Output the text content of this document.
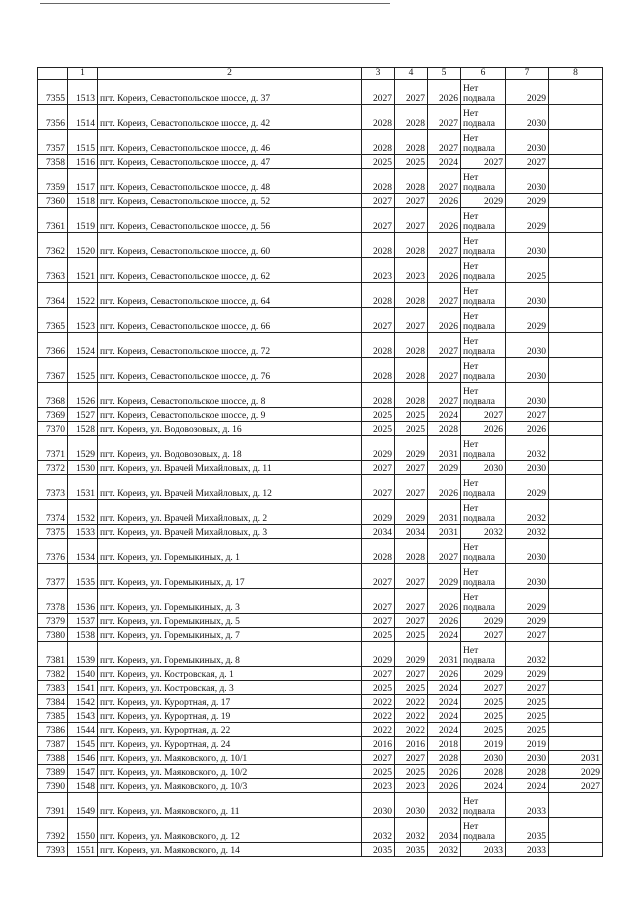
	1	2	3	4	5	6	7	8
7355	1513	пгт. Кореиз, Севастопольское шоссе, д. 37	2027	2027	2026	Нет подвала	2029	
7356	1514	пгт. Кореиз, Севастопольское шоссе, д. 42	2028	2028	2027	Нет подвала	2030	
7357	1515	пгт. Кореиз, Севастопольское шоссе, д. 46	2028	2028	2027	Нет подвала	2030	
7358	1516	пгт. Кореиз, Севастопольское шоссе, д. 47	2025	2025	2024	2027	2027	
7359	1517	пгт. Кореиз, Севастопольское шоссе, д. 48	2028	2028	2027	Нет подвала	2030	
7360	1518	пгт. Кореиз, Севастопольское шоссе, д. 52	2027	2027	2026	2029	2029	
7361	1519	пгт. Кореиз, Севастопольское шоссе, д. 56	2027	2027	2026	Нет подвала	2029	
7362	1520	пгт. Кореиз, Севастопольское шоссе, д. 60	2028	2028	2027	Нет подвала	2030	
7363	1521	пгт. Кореиз, Севастопольское шоссе, д. 62	2023	2023	2026	Нет подвала	2025	
7364	1522	пгт. Кореиз, Севастопольское шоссе, д. 64	2028	2028	2027	Нет подвала	2030	
7365	1523	пгт. Кореиз, Севастопольское шоссе, д. 66	2027	2027	2026	Нет подвала	2029	
7366	1524	пгт. Кореиз, Севастопольское шоссе, д. 72	2028	2028	2027	Нет подвала	2030	
7367	1525	пгт. Кореиз, Севастопольское шоссе, д. 76	2028	2028	2027	Нет подвала	2030	
7368	1526	пгт. Кореиз, Севастопольское шоссе, д. 8	2028	2028	2027	Нет подвала	2030	
7369	1527	пгт. Кореиз, Севастопольское шоссе, д. 9	2025	2025	2024	2027	2027	
7370	1528	пгт. Кореиз, ул. Водовозовых, д. 16	2025	2025	2028	2026	2026	
7371	1529	пгт. Кореиз, ул. Водовозовых, д. 18	2029	2029	2031	Нет подвала	2032	
7372	1530	пгт. Кореиз, ул. Врачей Михайловых, д. 11	2027	2027	2029	2030	2030	
7373	1531	пгт. Кореиз, ул. Врачей Михайловых, д. 12	2027	2027	2026	Нет подвала	2029	
7374	1532	пгт. Кореиз, ул. Врачей Михайловых, д. 2	2029	2029	2031	Нет подвала	2032	
7375	1533	пгт. Кореиз, ул. Врачей Михайловых, д. 3	2034	2034	2031	2032	2032	
7376	1534	пгт. Кореиз, ул. Горемыкиных, д. 1	2028	2028	2027	Нет подвала	2030	
7377	1535	пгт. Кореиз, ул. Горемыкиных, д. 17	2027	2027	2029	Нет подвала	2030	
7378	1536	пгт. Кореиз, ул. Горемыкиных, д. 3	2027	2027	2026	Нет подвала	2029	
7379	1537	пгт. Кореиз, ул. Горемыкиных, д. 5	2027	2027	2026	2029	2029	
7380	1538	пгт. Кореиз, ул. Горемыкиных, д. 7	2025	2025	2024	2027	2027	
7381	1539	пгт. Кореиз, ул. Горемыкиных, д. 8	2029	2029	2031	Нет подвала	2032	
7382	1540	пгт. Кореиз, ул. Костровская, д. 1	2027	2027	2026	2029	2029	
7383	1541	пгт. Кореиз, ул. Костровская, д. 3	2025	2025	2024	2027	2027	
7384	1542	пгт. Кореиз, ул. Курортная, д. 17	2022	2022	2024	2025	2025	
7385	1543	пгт. Кореиз, ул. Курортная, д. 19	2022	2022	2024	2025	2025	
7386	1544	пгт. Кореиз, ул. Курортная, д. 22	2022	2022	2024	2025	2025	
7387	1545	пгт. Кореиз, ул. Курортная, д. 24	2016	2016	2018	2019	2019	
7388	1546	пгт. Кореиз, ул. Маяковского, д. 10/1	2027	2027	2028	2030	2030	2031
7389	1547	пгт. Кореиз, ул. Маяковского, д. 10/2	2025	2025	2026	2028	2028	2029
7390	1548	пгт. Кореиз, ул. Маяковского, д. 10/3	2023	2023	2026	2024	2024	2027
7391	1549	пгт. Кореиз, ул. Маяковского, д. 11	2030	2030	2032	Нет подвала	2033	
7392	1550	пгт. Кореиз, ул. Маяковского, д. 12	2032	2032	2034	Нет подвала	2035	
7393	1551	пгт. Кореиз, ул. Маяковского, д. 14	2035	2035	2032	2033	2033	
